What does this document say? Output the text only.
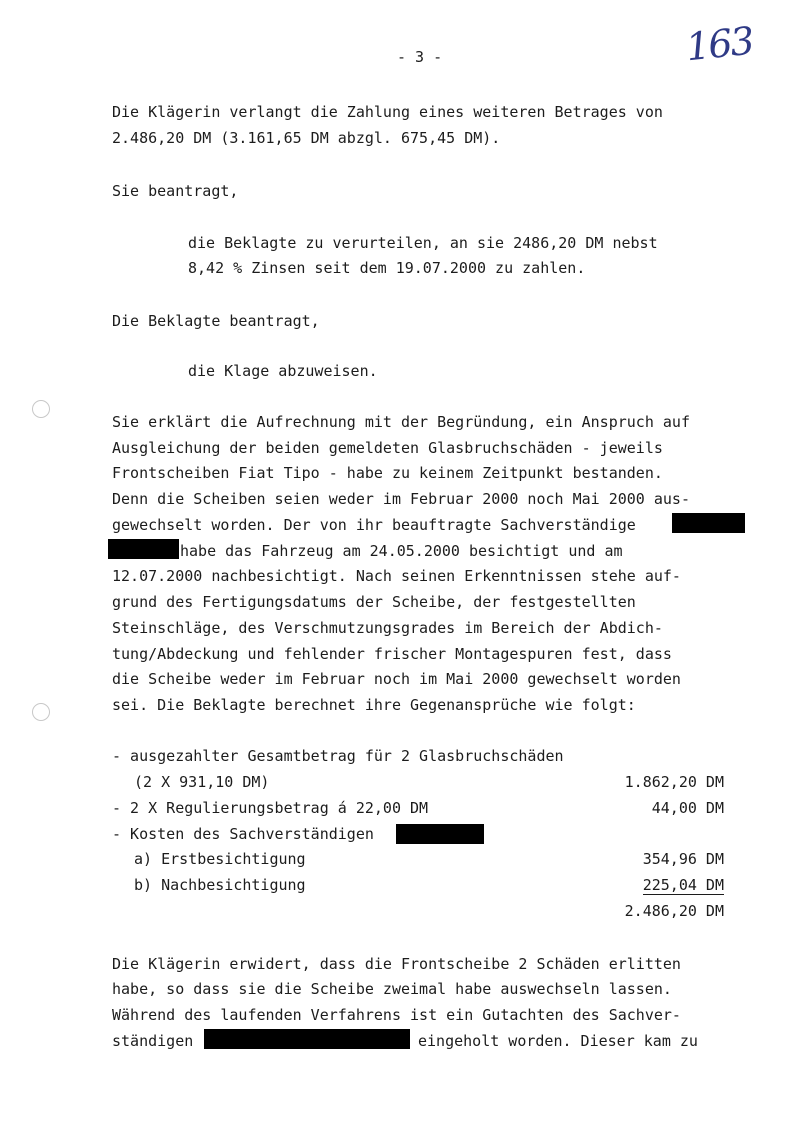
- 3 -	163
Die Klägerin verlangt die Zahlung eines weiteren Betrages von
2.486,20 DM (3.161,65 DM abzgl. 675,45 DM).
Sie beantragt,
die Beklagte zu verurteilen, an sie 2486,20 DM nebst
8,42 % Zinsen seit dem 19.07.2000 zu zahlen.
Die Beklagte beantragt,
die Klage abzuweisen.
Sie erklärt die Aufrechnung mit der Begründung, ein Anspruch auf
Ausgleichung der beiden gemeldeten Glasbruchschäden - jeweils
Frontscheiben Fiat Tipo - habe zu keinem Zeitpunkt bestanden.
Denn die Scheiben seien weder im Februar 2000 noch Mai 2000 aus-
gewechselt worden. Der von ihr beauftragte Sachverständige
habe das Fahrzeug am 24.05.2000 besichtigt und am
12.07.2000 nachbesichtigt. Nach seinen Erkenntnissen stehe auf-
grund des Fertigungsdatums der Scheibe, der festgestellten
Steinschläge, des Verschmutzungsgrades im Bereich der Abdich-
tung/Abdeckung und fehlender frischer Montagespuren fest, dass
die Scheibe weder im Februar noch im Mai 2000 gewechselt worden
sei. Die Beklagte berechnet ihre Gegenansprüche wie folgt:
- ausgezahlter Gesamtbetrag für 2 Glasbruchschäden
(2 X 931,10 DM)	1.862,20 DM
- 2 X Regulierungsbetrag á 22,00 DM	44,00 DM
- Kosten des Sachverständigen
a) Erstbesichtigung	354,96 DM
b) Nachbesichtigung	225,04 DM
2.486,20 DM
Die Klägerin erwidert, dass die Frontscheibe 2 Schäden erlitten
habe, so dass sie die Scheibe zweimal habe auswechseln lassen.
Während des laufenden Verfahrens ist ein Gutachten des Sachver-
ständigen	eingeholt worden. Dieser kam zu
